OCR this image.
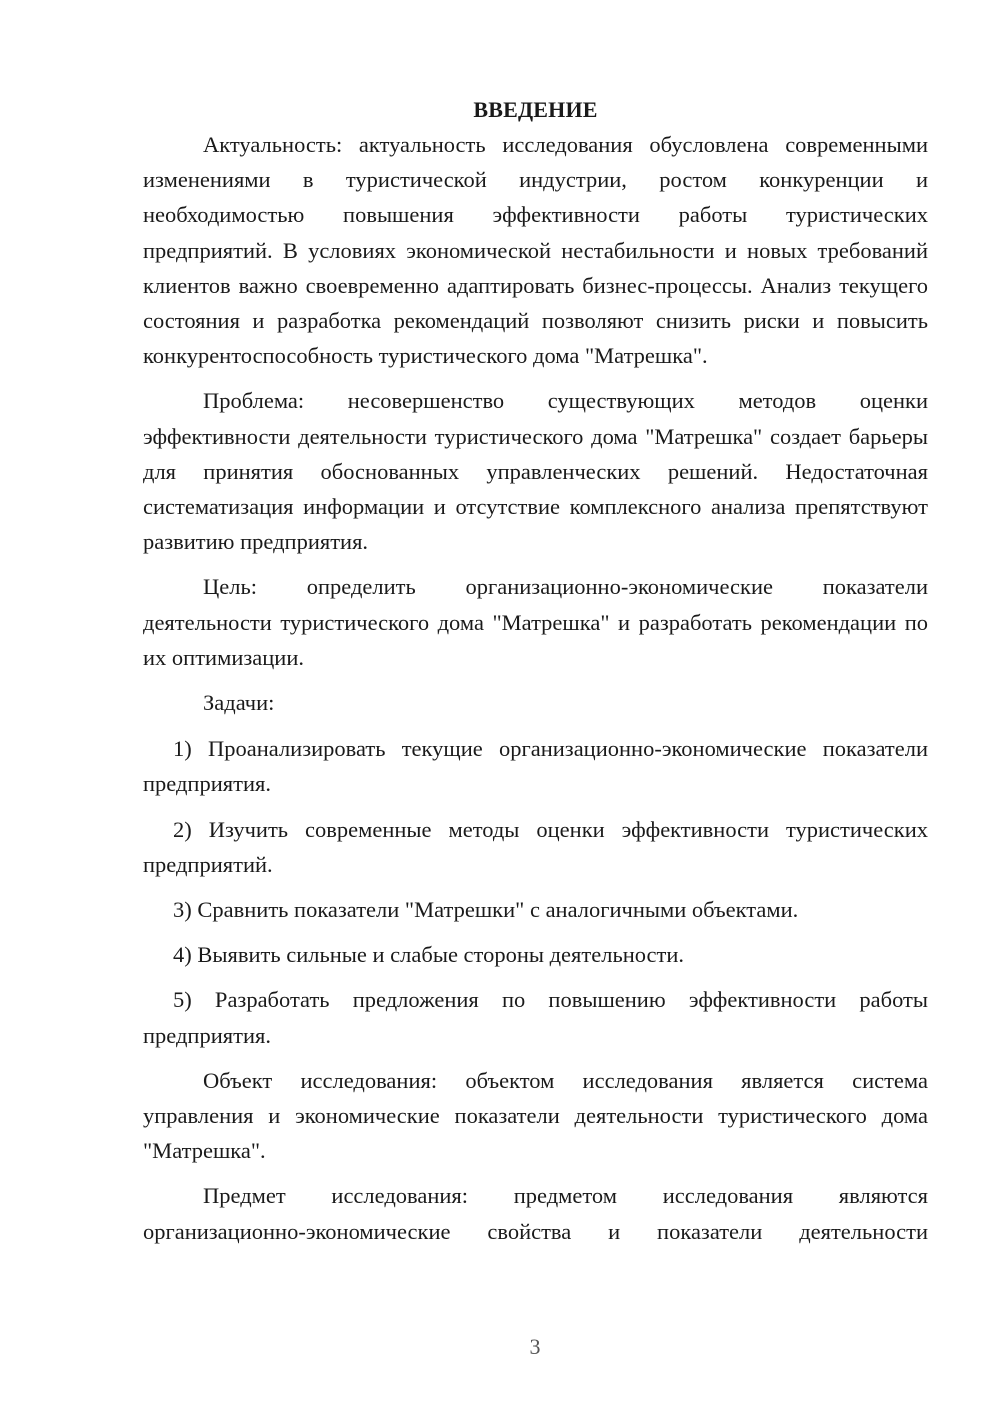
ВВЕДЕНИЕ

Актуальность: актуальность исследования обусловлена современными изменениями в туристической индустрии, ростом конкуренции и необходимостью повышения эффективности работы туристических предприятий. В условиях экономической нестабильности и новых требований клиентов важно своевременно адаптировать бизнес-процессы. Анализ текущего состояния и разработка рекомендаций позволяют снизить риски и повысить конкурентоспособность туристического дома "Матрешка".

Проблема: несовершенство существующих методов оценки эффективности деятельности туристического дома "Матрешка" создает барьеры для принятия обоснованных управленческих решений. Недостаточная систематизация информации и отсутствие комплексного анализа препятствуют развитию предприятия.

Цель: определить организационно-экономические показатели деятельности туристического дома "Матрешка" и разработать рекомендации по их оптимизации.

Задачи:

1) Проанализировать текущие организационно-экономические показатели предприятия.

2) Изучить современные методы оценки эффективности туристических предприятий.

3) Сравнить показатели "Матрешки" с аналогичными объектами.

4) Выявить сильные и слабые стороны деятельности.

5) Разработать предложения по повышению эффективности работы предприятия.

Объект исследования: объектом исследования является система управления и экономические показатели деятельности туристического дома "Матрешка".

Предмет исследования: предметом исследования являются организационно-экономические свойства и показатели деятельности

3
